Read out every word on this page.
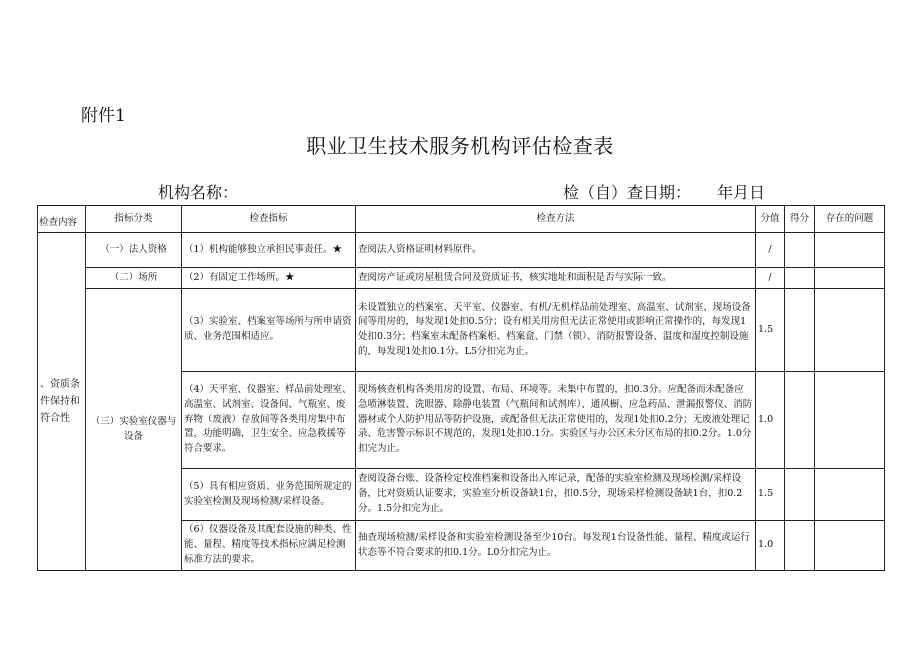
附件1
职业卫生技术服务机构评估检查表
机构名称：	检（自）查日期： 年月日
检查内容	指标分类	检查指标	检查方法	分值	得分	存在的问题
、资质条件保持和符合性	（一）法人资格	（1）机构能够独立承担民事责任。★	查阅法人资格证明材料原件。	/		
	（二）场所	（2）有固定工作场所。★	查阅房产证或房屋租赁合同及资质证书，核实地址和面积是否与实际一致。	/		
	（三）实验室仪器与设备	（3）实验室、档案室等场所与所申请资质、业务范围相适应。	未设置独立的档案室、天平室、仪器室、有机/无机样品前处理室、高温室、试剂室、现场设备间等用房的，每发现1处扣0.5分；设有相关用房但无法正常使用或影响正常操作的，每发现1处扣0.3分；档案室未配备档案柜、档案盒、门禁（锁）、消防报警设备、温度和湿度控制设施的，每发现1处扣0.1分。L5分扣完为止。	1.5		
		（4）天平室、仪器室、样品前处理室、高温室、试剂室、设备间、气瓶室、废弃物（废液）存放间等各类用房集中布置，功能明确，卫生安全、应急救援等符合要求。	现场核查机构各类用房的设置、布局、环境等。未集中布置的，扣0.3分。应配备而未配备应急喷淋装置、洗眼器、除静电装置（气瓶间和试剂库）、通风橱、应急药品、泄漏报警仪、消防器材或个人防护用品等防护设施，或配备但无法正常使用的，发现1处扣0.2分；无废液处理记录、危害警示标识不规范的，发现1处扣0.1分。实验区与办公区未分区布局的扣0.2分。1.0分扣完为止。	1.0		
		（5）具有相应资质、业务范围所规定的实验室检测及现场检测/采样设备。	查阅设备台账、设备检定校准档案和设备出入库记录，配备的实验室检测及现场检测/采样设备，比对资质认证要求，实验室分析设备缺1台，扣0.5分，现场采样检测设备缺1台，扣0.2分。1.5分扣完为止。	1.5		
		（6）仪器设备及其配套设施的种类、性能、量程、精度等技术指标应满足检测标准方法的要求。	抽查现场检测/采样设备和实验室检测设备至少10台。每发现1台设备性能、量程、精度或运行状态等不符合要求的扣0.1分。L0分扣完为止。	1.0		
